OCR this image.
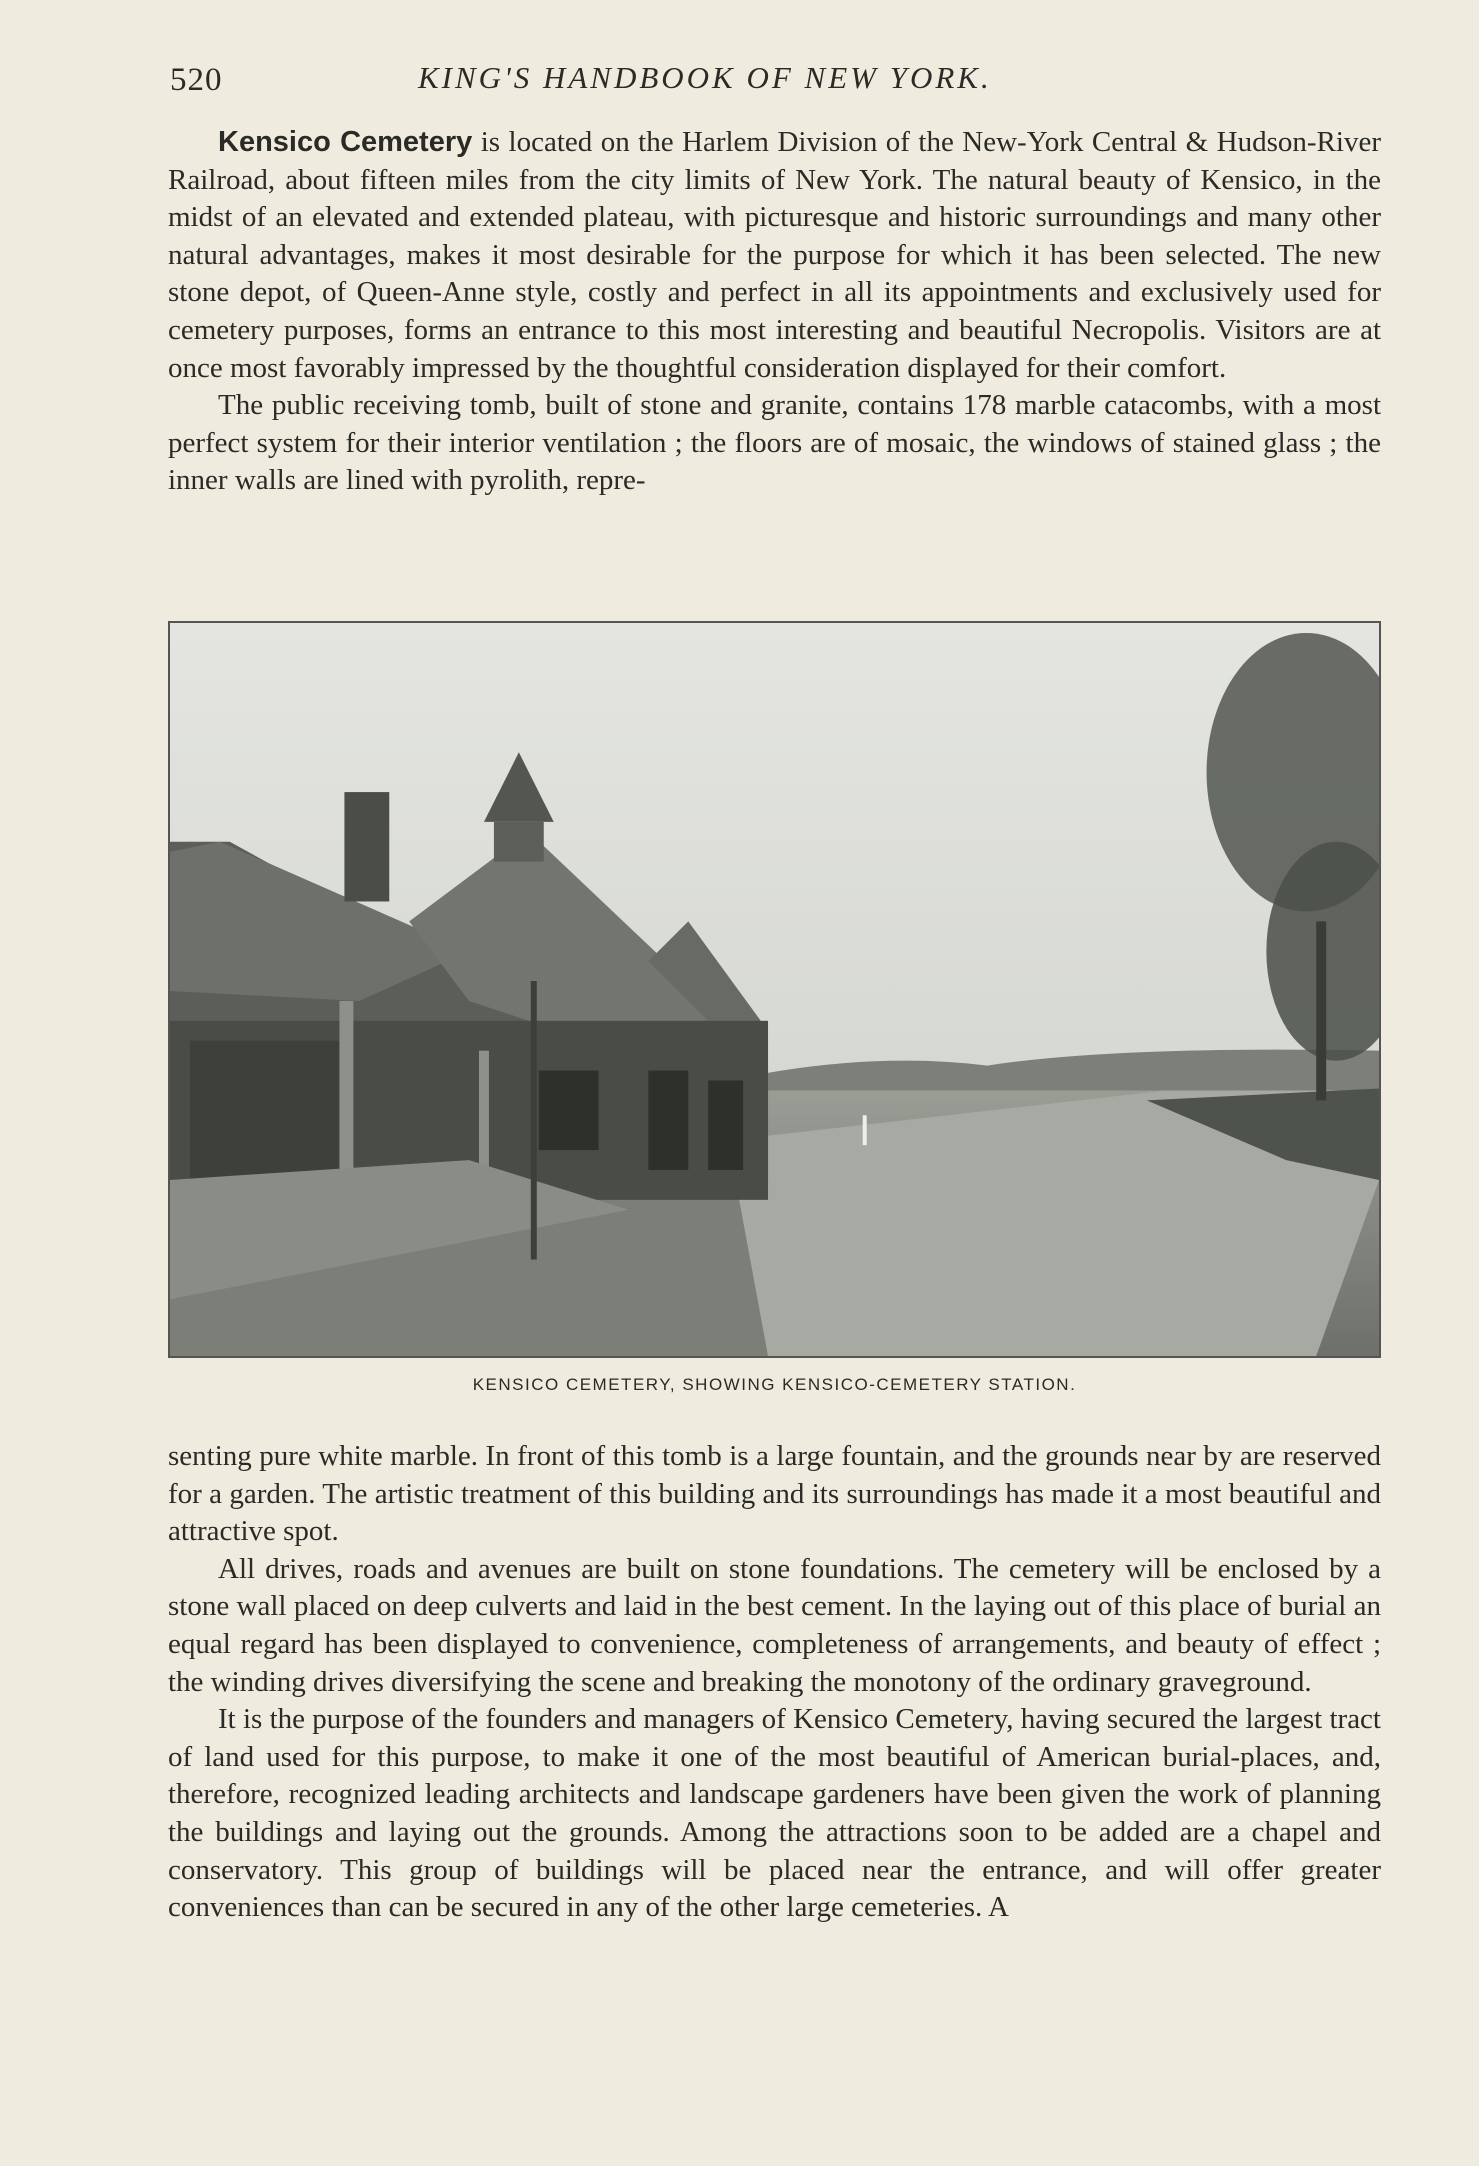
520	KING'S HANDBOOK OF NEW YORK.

Kensico Cemetery is located on the Harlem Division of the New-York Central & Hudson-River Railroad, about fifteen miles from the city limits of New York. The natural beauty of Kensico, in the midst of an elevated and extended plateau, with picturesque and historic surroundings and many other natural advantages, makes it most desirable for the purpose for which it has been selected. The new stone depot, of Queen-Anne style, costly and perfect in all its appointments and exclusively used for cemetery purposes, forms an entrance to this most interesting and beautiful Necropolis. Visitors are at once most favorably impressed by the thoughtful consideration displayed for their comfort.

The public receiving tomb, built of stone and granite, contains 178 marble catacombs, with a most perfect system for their interior ventilation ; the floors are of mosaic, the windows of stained glass ; the inner walls are lined with pyrolith, repre-

KENSICO CEMETERY, SHOWING KENSICO-CEMETERY STATION.

senting pure white marble. In front of this tomb is a large fountain, and the grounds near by are reserved for a garden. The artistic treatment of this building and its surroundings has made it a most beautiful and attractive spot.

All drives, roads and avenues are built on stone foundations. The cemetery will be enclosed by a stone wall placed on deep culverts and laid in the best cement. In the laying out of this place of burial an equal regard has been displayed to convenience, completeness of arrangements, and beauty of effect ; the winding drives diversifying the scene and breaking the monotony of the ordinary graveground.

It is the purpose of the founders and managers of Kensico Cemetery, having secured the largest tract of land used for this purpose, to make it one of the most beautiful of American burial-places, and, therefore, recognized leading architects and landscape gardeners have been given the work of planning the buildings and laying out the grounds. Among the attractions soon to be added are a chapel and conservatory. This group of buildings will be placed near the entrance, and will offer greater conveniences than can be secured in any of the other large cemeteries. A
